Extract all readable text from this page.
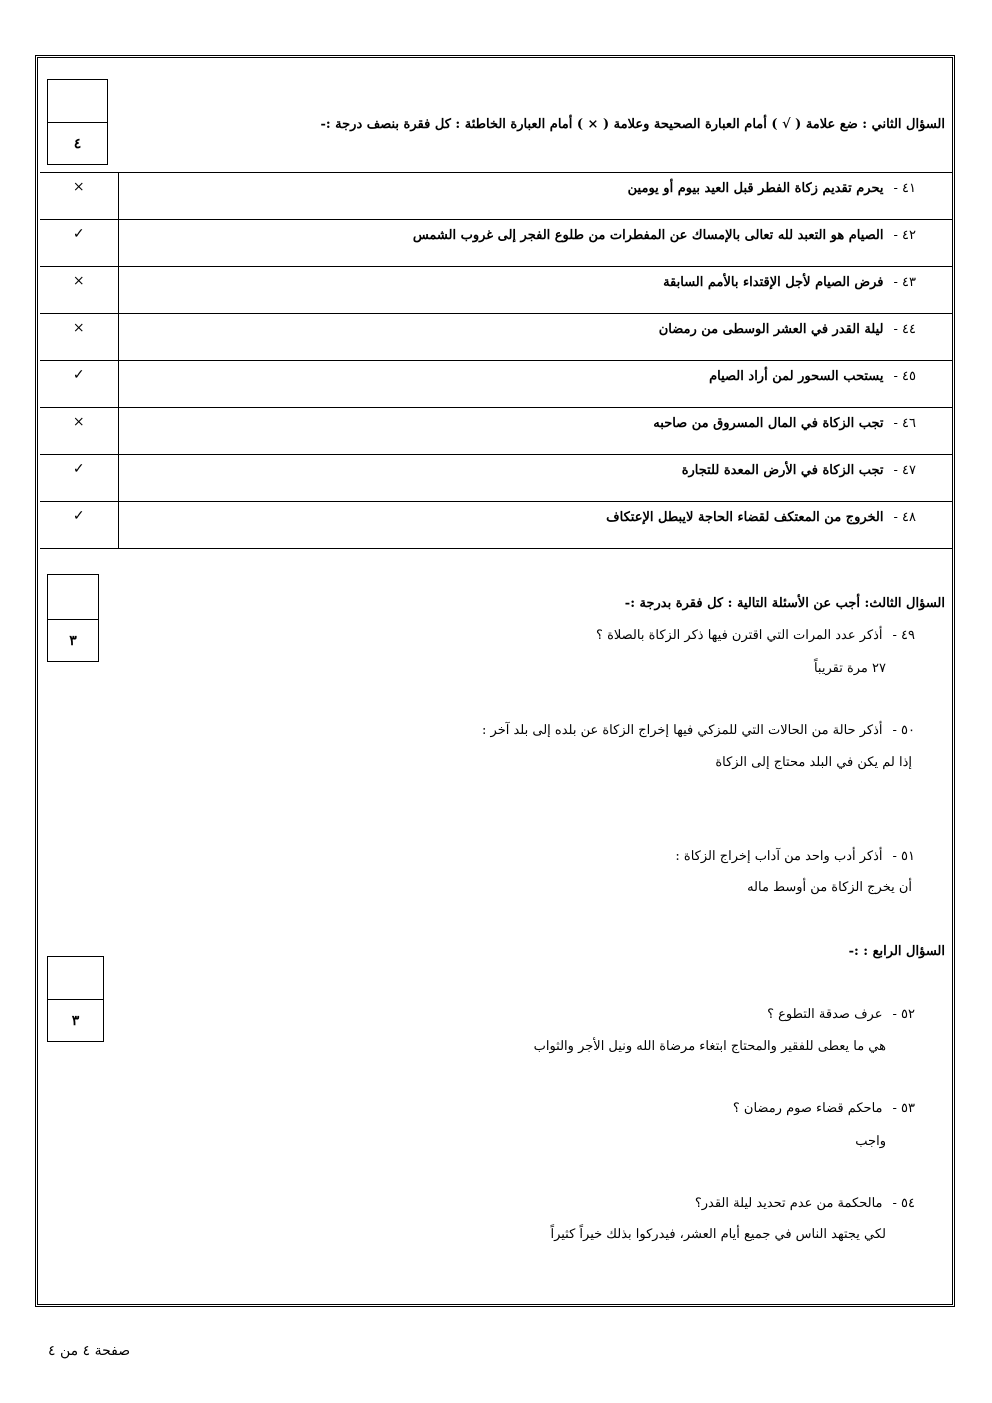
٤
السؤال الثاني : ضع علامة ( √ ) أمام العبارة الصحيحة وعلامة ( × ) أمام العبارة الخاطئة : كل فقرة بنصف درجة :-
×	٤١ -يحرم تقديم زكاة الفطر قبل العيد بيوم أو يومين
✓	٤٢ -الصيام هو التعبد لله تعالى بالإمساك عن المفطرات من طلوع الفجر إلى غروب الشمس
×	٤٣ -فرض الصيام لأجل الإقتداء بالأمم السابقة
×	٤٤ -ليلة القدر في العشر الوسطى من رمضان
✓	٤٥ -يستحب السحور لمن أراد الصيام
×	٤٦ -تجب الزكاة في المال المسروق من صاحبه
✓	٤٧ -تجب الزكاة في الأرض المعدة للتجارة
✓	٤٨ -الخروج من المعتكف لقضاء الحاجة لايبطل الإعتكاف
٣
السؤال الثالث: أجب عن الأسئلة التالية : كل فقرة بدرجة :-
٤٩ -أذكر عدد المرات التي اقترن فيها ذكر الزكاة بالصلاة ؟
٢٧ مرة تقريباً
٥٠ -أذكر حالة من الحالات التي للمزكي فيها إخراج الزكاة عن بلده إلى بلد آخر :
إذا لم يكن في البلد محتاج إلى الزكاة
٥١ -أذكر أدب واحد من آداب إخراج الزكاة :
أن يخرج الزكاة من أوسط ماله
السؤال الرابع : :-
٣	٥٢ -عرف صدقة التطوع ؟
هي ما يعطى للفقير والمحتاج ابتغاء مرضاة الله ونيل الأجر والثواب
٥٣ -ماحكم قضاء صوم رمضان ؟
واجب
٥٤ -مالحكمة من عدم تحديد ليلة القدر؟
لكي يجتهد الناس في جميع أيام العشر، فيدركوا بذلك خيراً كثيراً
صفحة ٤ من ٤
